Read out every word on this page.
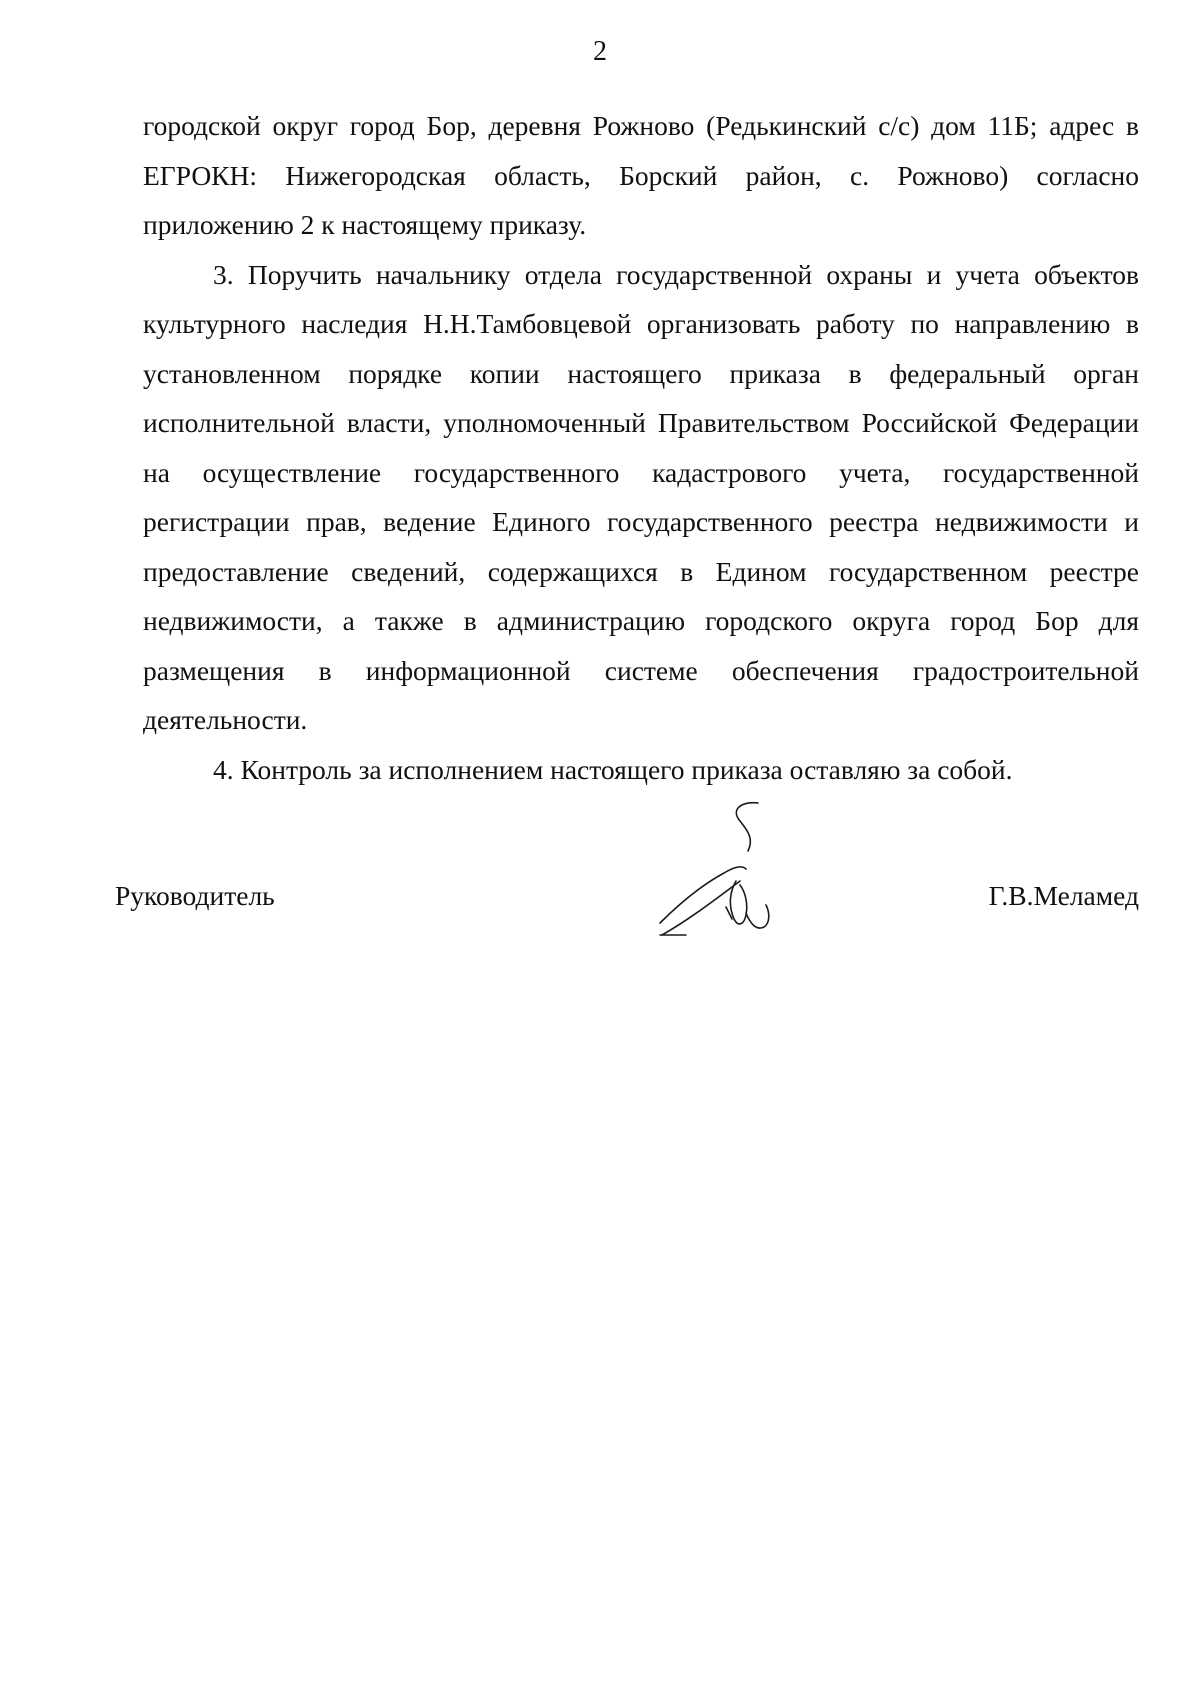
2

городской округ город Бор, деревня Рожново (Редькинский с/с) дом 11Б; адрес в ЕГРОКН: Нижегородская область, Борский район, с. Рожново) согласно приложению 2 к настоящему приказу.

3. Поручить начальнику отдела государственной охраны и учета объектов культурного наследия Н.Н.Тамбовцевой организовать работу по направлению в установленном порядке копии настоящего приказа в федеральный орган исполнительной власти, уполномоченный Правительством Российской Федерации на осуществление государственного кадастрового учета, государственной регистрации прав, ведение Единого государственного реестра недвижимости и предоставление сведений, содержащихся в Едином государственном реестре недвижимости, а также в администрацию городского округа город Бор для размещения в информационной системе обеспечения градостроительной деятельности.

4. Контроль за исполнением настоящего приказа оставляю за собой.

Руководитель	Г.В.Меламед
